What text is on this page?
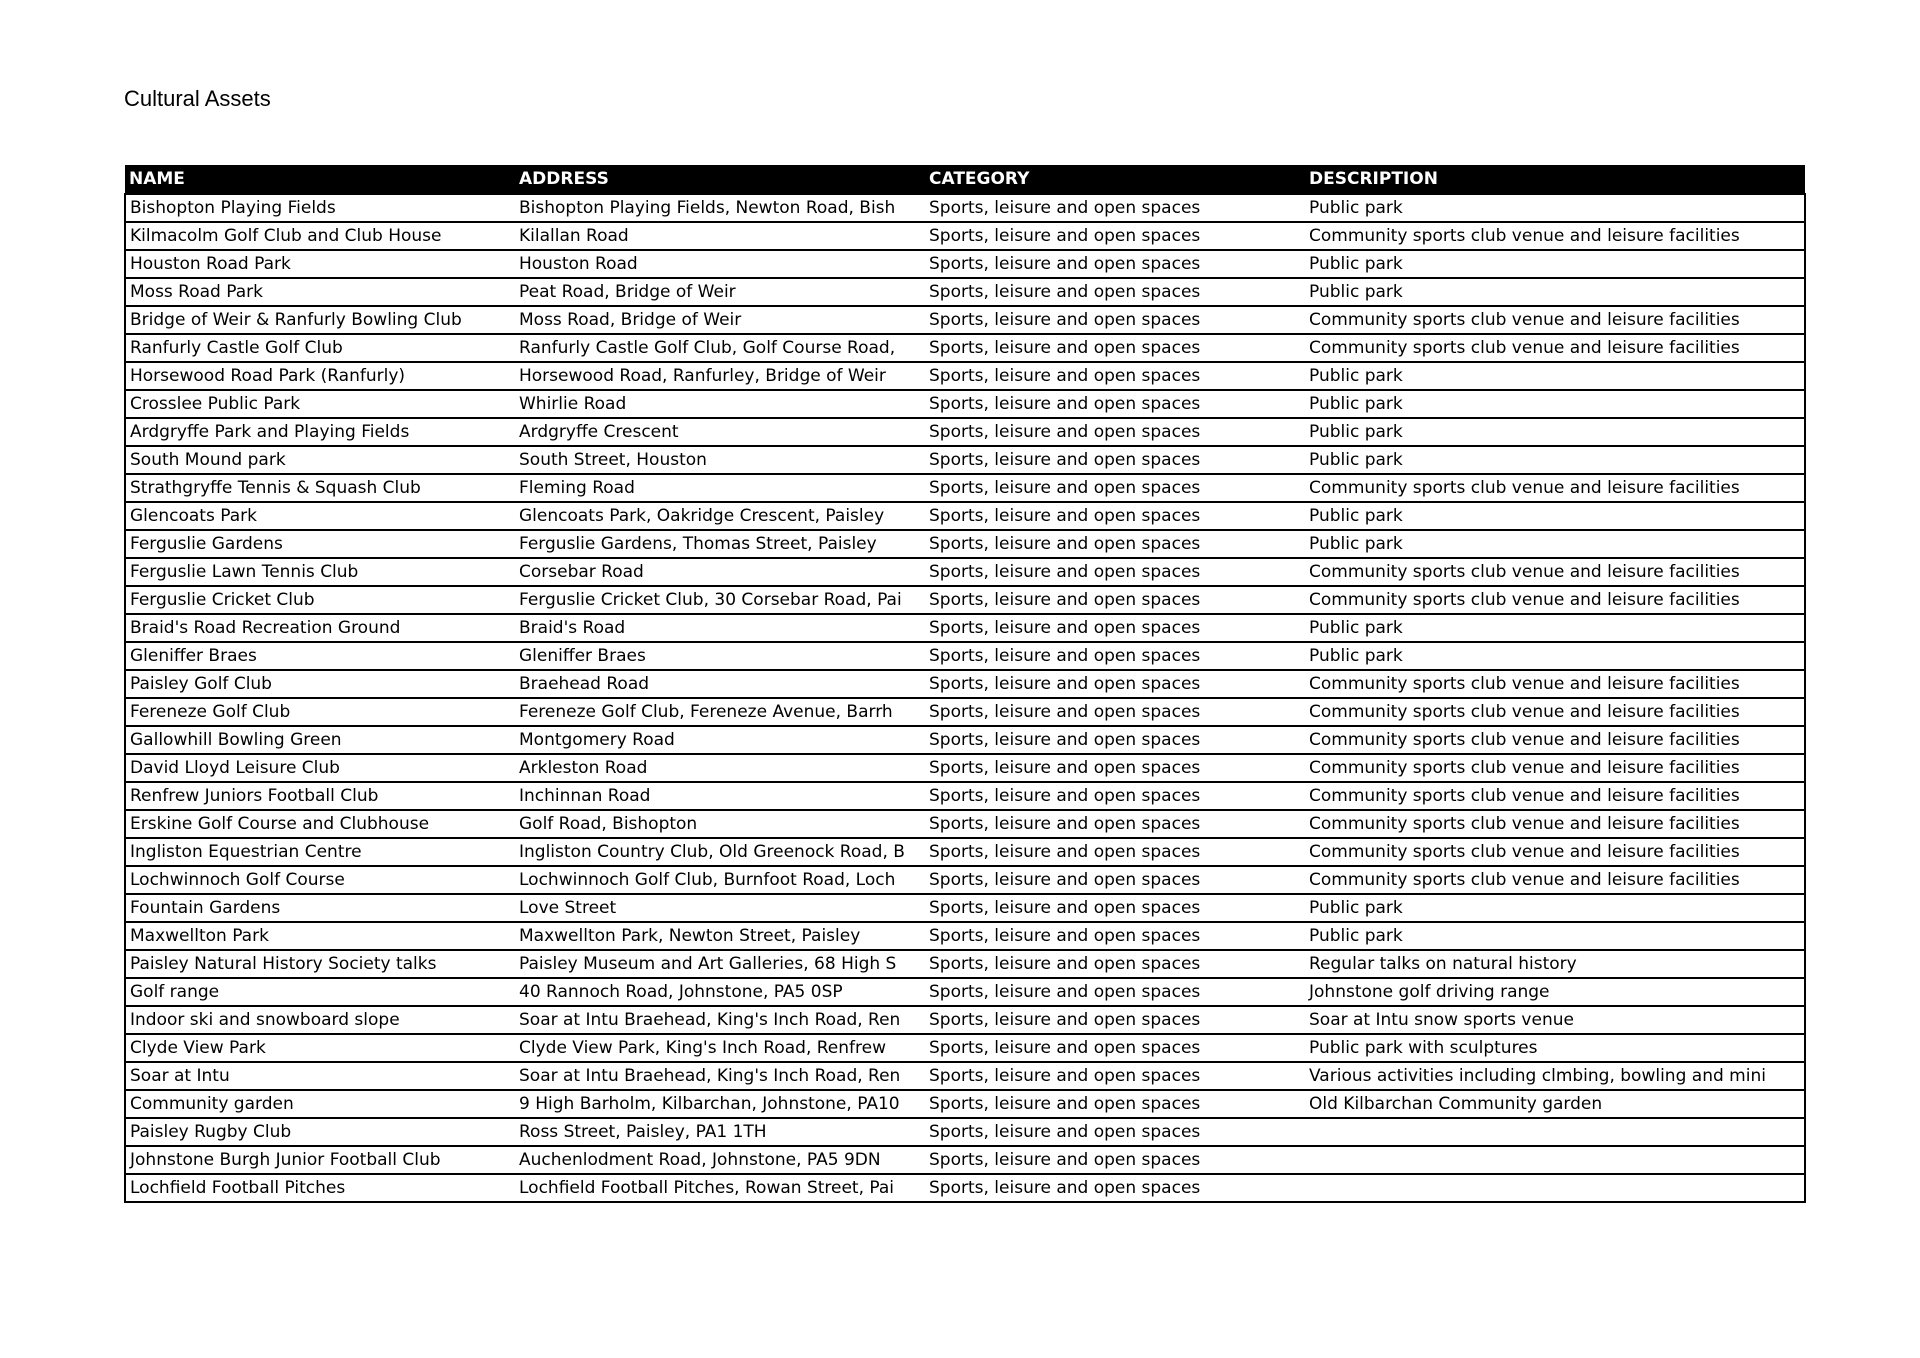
Cultural Assets
NAME	ADDRESS	CATEGORY	DESCRIPTION
Bishopton Playing Fields	Bishopton Playing Fields, Newton Road, Bish	Sports, leisure and open spaces	Public park
Kilmacolm Golf Club and Club House	Kilallan Road	Sports, leisure and open spaces	Community sports club venue and leisure facilities
Houston Road Park	Houston Road	Sports, leisure and open spaces	Public park
Moss Road Park	Peat Road, Bridge of Weir	Sports, leisure and open spaces	Public park
Bridge of Weir & Ranfurly Bowling Club	Moss Road, Bridge of Weir	Sports, leisure and open spaces	Community sports club venue and leisure facilities
Ranfurly Castle Golf Club	Ranfurly Castle Golf Club, Golf Course Road,	Sports, leisure and open spaces	Community sports club venue and leisure facilities
Horsewood Road Park (Ranfurly)	Horsewood Road, Ranfurley, Bridge of Weir	Sports, leisure and open spaces	Public park
Crosslee Public Park	Whirlie Road	Sports, leisure and open spaces	Public park
Ardgryffe Park and Playing Fields	Ardgryffe Crescent	Sports, leisure and open spaces	Public park
South Mound park	South Street, Houston	Sports, leisure and open spaces	Public park
Strathgryffe Tennis & Squash Club	Fleming Road	Sports, leisure and open spaces	Community sports club venue and leisure facilities
Glencoats Park	Glencoats Park, Oakridge Crescent, Paisley	Sports, leisure and open spaces	Public park
Ferguslie Gardens	Ferguslie Gardens, Thomas Street, Paisley	Sports, leisure and open spaces	Public park
Ferguslie Lawn Tennis Club	Corsebar Road	Sports, leisure and open spaces	Community sports club venue and leisure facilities
Ferguslie Cricket Club	Ferguslie Cricket Club, 30 Corsebar Road, Pai	Sports, leisure and open spaces	Community sports club venue and leisure facilities
Braid's Road Recreation Ground	Braid's Road	Sports, leisure and open spaces	Public park
Gleniffer Braes	Gleniffer Braes	Sports, leisure and open spaces	Public park
Paisley Golf Club	Braehead Road	Sports, leisure and open spaces	Community sports club venue and leisure facilities
Fereneze Golf Club	Fereneze Golf Club, Fereneze Avenue, Barrh	Sports, leisure and open spaces	Community sports club venue and leisure facilities
Gallowhill Bowling Green	Montgomery Road	Sports, leisure and open spaces	Community sports club venue and leisure facilities
David Lloyd Leisure Club	Arkleston Road	Sports, leisure and open spaces	Community sports club venue and leisure facilities
Renfrew Juniors Football Club	Inchinnan Road	Sports, leisure and open spaces	Community sports club venue and leisure facilities
Erskine Golf Course and Clubhouse	Golf Road, Bishopton	Sports, leisure and open spaces	Community sports club venue and leisure facilities
Ingliston Equestrian Centre	Ingliston Country Club, Old Greenock Road, B	Sports, leisure and open spaces	Community sports club venue and leisure facilities
Lochwinnoch Golf Course	Lochwinnoch Golf Club, Burnfoot Road, Loch	Sports, leisure and open spaces	Community sports club venue and leisure facilities
Fountain Gardens	Love Street	Sports, leisure and open spaces	Public park
Maxwellton Park	Maxwellton Park, Newton Street, Paisley	Sports, leisure and open spaces	Public park
Paisley Natural History Society talks	Paisley Museum and Art Galleries, 68 High S	Sports, leisure and open spaces	Regular talks on natural history
Golf range	40 Rannoch Road, Johnstone, PA5 0SP	Sports, leisure and open spaces	Johnstone golf driving range
Indoor ski and snowboard slope	Soar at Intu Braehead, King's Inch Road, Ren	Sports, leisure and open spaces	Soar at Intu snow sports venue
Clyde View Park	Clyde View Park, King's Inch Road, Renfrew	Sports, leisure and open spaces	Public park with sculptures
Soar at Intu	Soar at Intu Braehead, King's Inch Road, Ren	Sports, leisure and open spaces	Various activities including clmbing, bowling and mini
Community garden	9 High Barholm, Kilbarchan, Johnstone, PA10	Sports, leisure and open spaces	Old Kilbarchan Community garden
Paisley Rugby Club	Ross Street, Paisley, PA1 1TH	Sports, leisure and open spaces	
Johnstone Burgh Junior Football Club	Auchenlodment Road, Johnstone, PA5 9DN	Sports, leisure and open spaces	
Lochfield Football Pitches	Lochfield Football Pitches, Rowan Street, Pai	Sports, leisure and open spaces	
